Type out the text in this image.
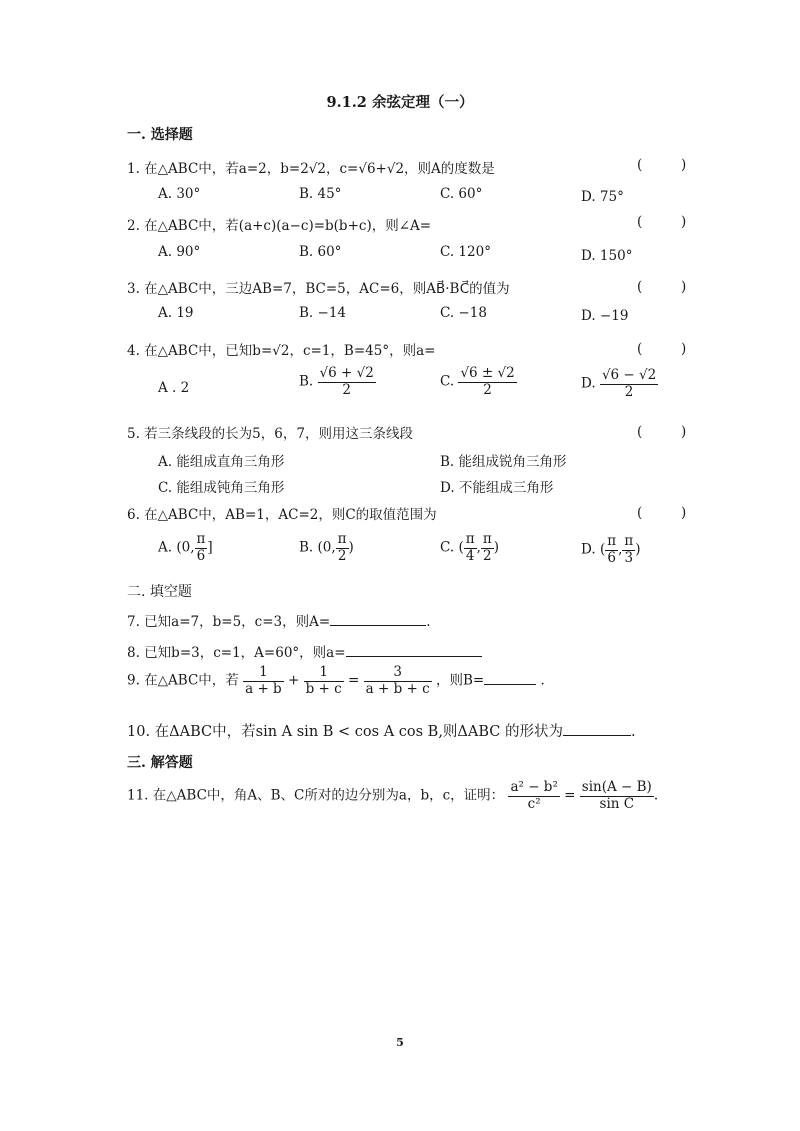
9.1.2 余弦定理（一）
一. 选择题
1. 在△ABC中，若a=2，b=2√2，c=√6+√2，则A的度数是	(	)
A. 30°	B. 45°	C. 60°	D. 75°
2. 在△ABC中，若(a+c)(a−c)=b(b+c)，则∠A=	(	)
A. 90°	B. 60°	C. 120°	D. 150°
3. 在△ABC中，三边AB=7，BC=5，AC=6，则AB⃗·BC⃗的值为	(	)
A. 19	B. −14	C. −18	D. −19
4. 在△ABC中，已知b=√2，c=1，B=45°，则a=	(	)
A . 2	B. $\frac{√6 + √2}{2}$	C. $\frac{√6 \pm √2}{2}$	D. $\frac{√6 - √2}{2}$
5. 若三条线段的长为5，6，7，则用这三条线段	(	)
A. 能组成直角三角形	B. 能组成锐角三角形
C. 能组成钝角三角形	D. 不能组成三角形
6. 在△ABC中，AB=1，AC=2，则C的取值范围为	(	)
A. (0, $\frac{\pi}{6}$ ]	B. (0, $\frac{\pi}{2}$ )	C. ( $\frac{\pi}{4}$ , $\frac{\pi}{2}$ )	D. ( $\frac{\pi}{6}$ , $\frac{\pi}{3}$ )
二. 填空题
7. 已知a=7，b=5，c=3，则A=	.
8. 已知b=3，c=1，A=60°，则a=
9. 在△ABC中，若 $\frac{1}{a + b} + \frac{1}{b + c} = \frac{3}{a + b + c}$ ，则B=	.
10. 在ΔABC中，若sin A sin B < cos A cos B,则ΔABC 的形状为	.
三. 解答题
11. 在△ABC中，角A、B、C所对的边分别为a，b，c，证明： $\frac{\text{a² − b²}}{\text{c²}} = \frac{\sin(A - B)}{\text{sin C}}$ .
5
